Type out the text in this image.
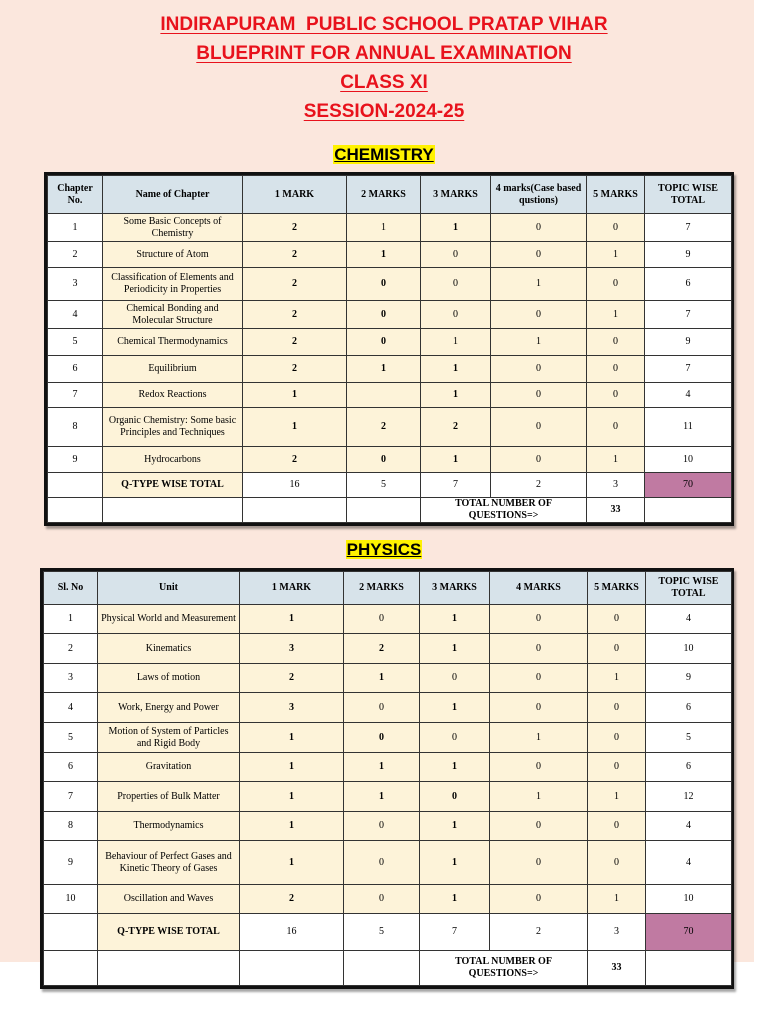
INDIRAPURAM  PUBLIC SCHOOL PRATAP VIHAR
BLUEPRINT FOR ANNUAL EXAMINATION
CLASS XI
SESSION-2024-25
CHEMISTRY
Chapter No.	Name of Chapter	1 MARK	2 MARKS	3 MARKS	4 marks(Case based qustions)	5 MARKS	TOPIC WISE TOTAL
1	Some Basic Concepts of Chemistry	2	1	1	0	0	7
2	Structure of Atom	2	1	0	0	1	9
3	Classification of Elements and Periodicity in Properties	2	0	0	1	0	6
4	Chemical Bonding and Molecular Structure	2	0	0	0	1	7
5	Chemical Thermodynamics	2	0	1	1	0	9
6	Equilibrium	2	1	1	0	0	7
7	Redox Reactions	1		1	0	0	4
8	Organic Chemistry: Some basic Principles and Techniques	1	2	2	0	0	11
9	Hydrocarbons	2	0	1	0	1	10
	Q-TYPE WISE TOTAL	16	5	7	2	3	70
				TOTAL NUMBER OF QUESTIONS=>		33	
PHYSICS
Sl. No	Unit	1 MARK	2 MARKS	3 MARKS	4 MARKS	5 MARKS	TOPIC WISE TOTAL
1	Physical World and Measurement	1	0	1	0	0	4
2	Kinematics	3	2	1	0	0	10
3	Laws of motion	2	1	0	0	1	9
4	Work, Energy and Power	3	0	1	0	0	6
5	Motion of System of Particles and Rigid Body	1	0	0	1	0	5
6	Gravitation	1	1	1	0	0	6
7	Properties of Bulk Matter	1	1	0	1	1	12
8	Thermodynamics	1	0	1	0	0	4
9	Behaviour of Perfect Gases and Kinetic Theory of Gases	1	0	1	0	0	4
10	Oscillation and Waves	2	0	1	0	1	10
	Q-TYPE WISE TOTAL	16	5	7	2	3	70
				TOTAL NUMBER OF QUESTIONS=>		33	
